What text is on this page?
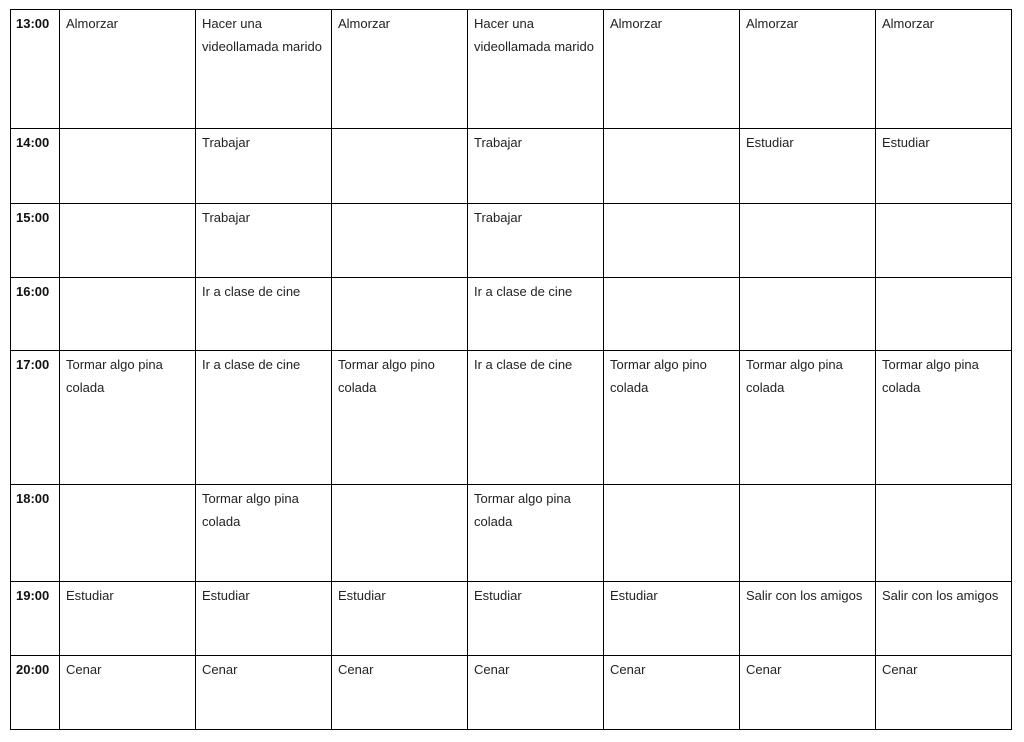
13:00	Almorzar	Hacer una videollamada marido	Almorzar	Hacer una videollamada marido	Almorzar	Almorzar	Almorzar
14:00		Trabajar		Trabajar		Estudiar	Estudiar
15:00		Trabajar		Trabajar			
16:00		Ir a clase de cine		Ir a clase de cine			
17:00	Tormar algo pina colada	Ir a clase de cine	Tormar algo pino colada	Ir a clase de cine	Tormar algo pino colada	Tormar algo pina colada	Tormar algo pina colada
18:00		Tormar algo pina colada		Tormar algo pina colada			
19:00	Estudiar	Estudiar	Estudiar	Estudiar	Estudiar	Salir con los amigos	Salir con los amigos
20:00	Cenar	Cenar	Cenar	Cenar	Cenar	Cenar	Cenar
